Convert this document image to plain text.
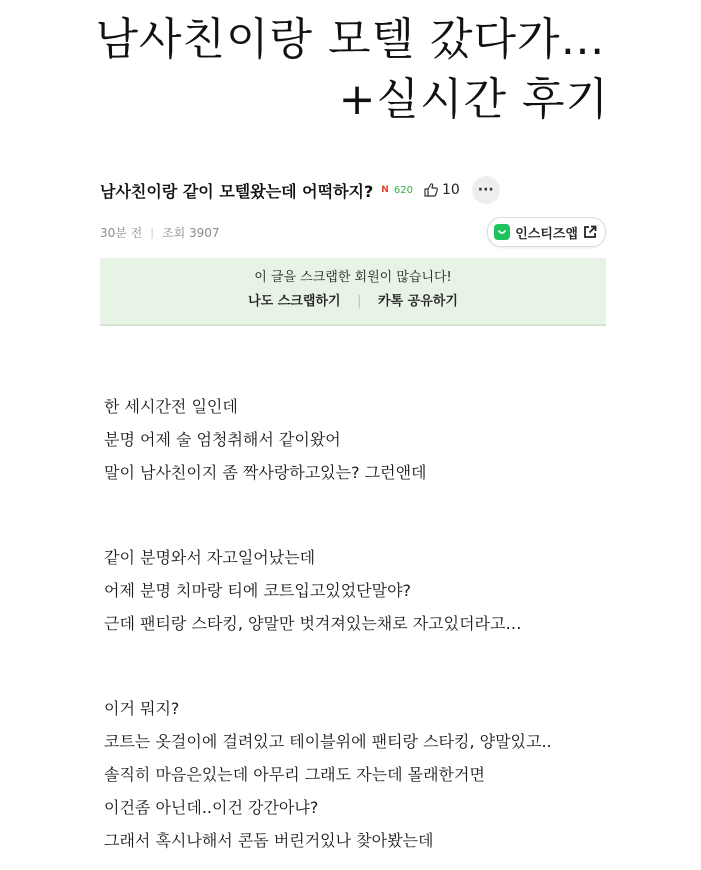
남사친이랑 모텔 갔다가…
+실시간 후기
남사친이랑 같이 모텔왔는데 어떡하지? N 620 10	···
30분 전 | 조회 3907	인스티즈앱
이 글을 스크랩한 회원이 많습니다!
나도 스크랩하기 | 카톡 공유하기
한 세시간전 일인데
분명 어제 술 엄청취해서 같이왔어
말이 남사친이지 좀 짝사랑하고있는? 그런앤데
같이 분명와서 자고일어났는데
어제 분명 치마랑 티에 코트입고있었단말야?
근데 팬티랑 스타킹, 양말만 벗겨져있는채로 자고있더라고…
이거 뭐지?
코트는 옷걸이에 걸려있고 테이블위에 팬티랑 스타킹, 양말있고..
솔직히 마음은있는데 아무리 그래도 자는데 몰래한거면
이건좀 아닌데..이건 강간아냐?
그래서 혹시나해서 콘돔 버린거있나 찾아봤는데
